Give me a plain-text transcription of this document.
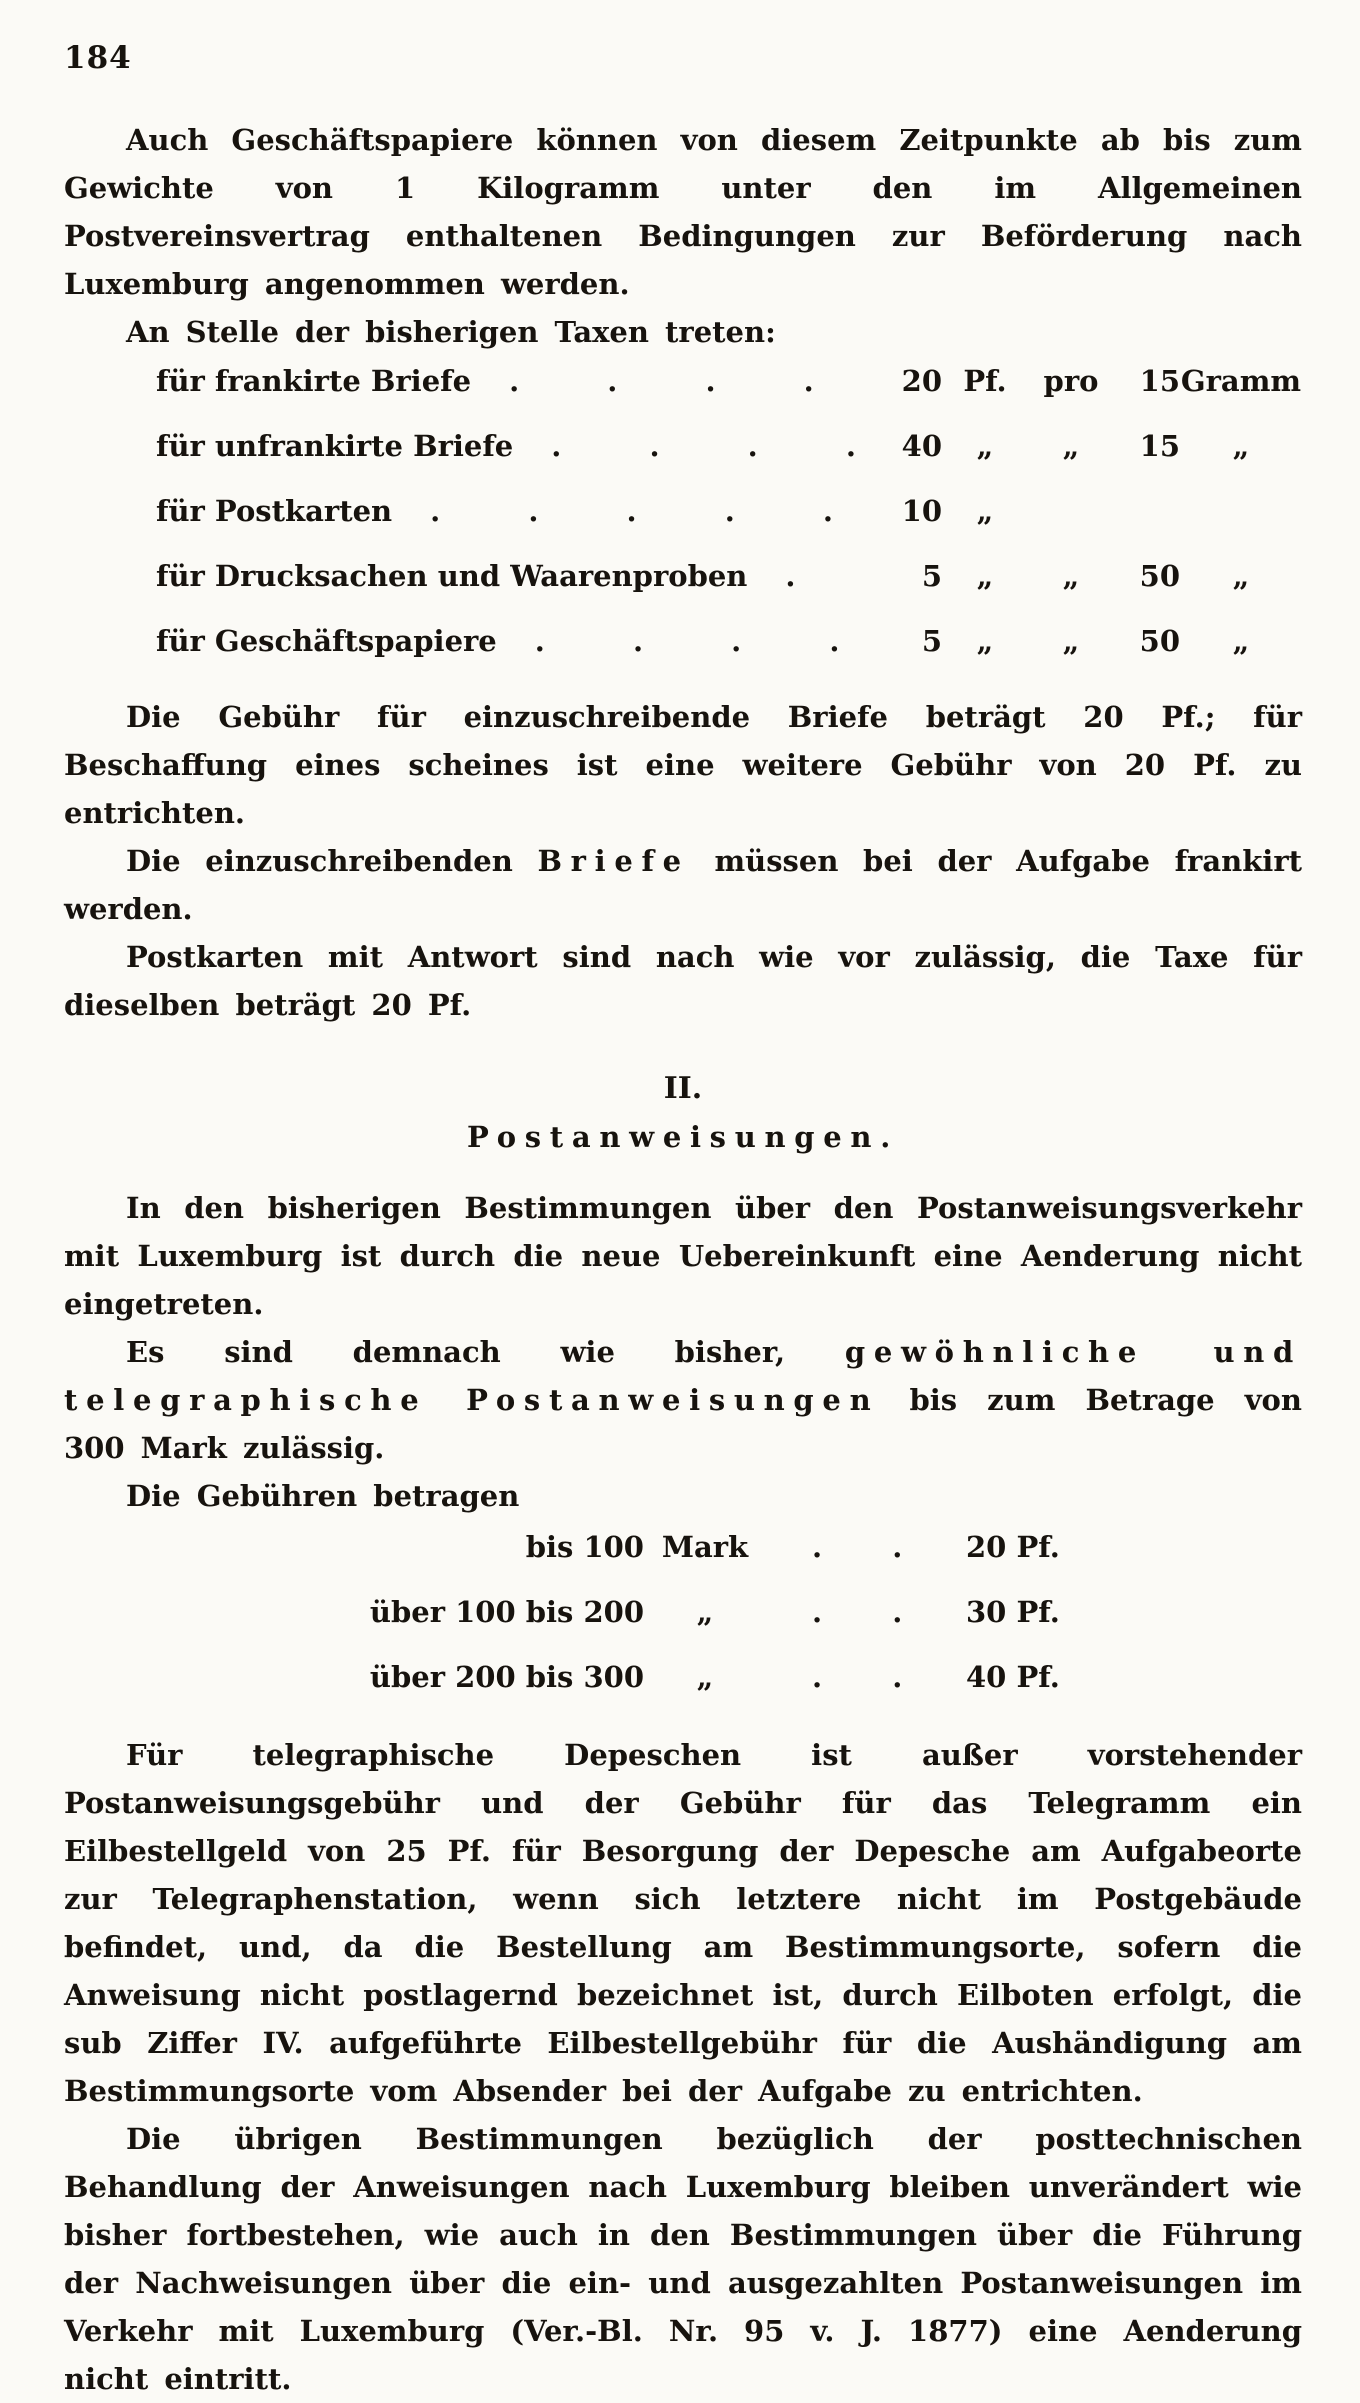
184

Auch Geschäftspapiere können von diesem Zeitpunkte ab bis zum Gewichte von 1 Kilogramm unter den im Allgemeinen Postvereinsvertrag enthaltenen Bedingungen zur Beförderung nach Luxemburg angenommen werden.

An Stelle der bisherigen Taxen treten:

für frankirte Briefe	. . . .	20 Pf.	pro	15 Gramm
für unfrankirte Briefe	. . . .	40	„	„	15	„
für Postkarten	. . . . .	10	„
für Drucksachen und Waarenproben	.	5	„	„	50	„
für Geschäftspapiere	. . . .	5	„	„	50	„

Die Gebühr für einzuschreibende Briefe beträgt 20 Pf.; für Beschaffung eines scheines ist eine weitere Gebühr von 20 Pf. zu entrichten.

Die einzuschreibenden Briefe müssen bei der Aufgabe frankirt werden.

Postkarten mit Antwort sind nach wie vor zulässig, die Taxe für dieselben beträgt 20 Pf.

II.
Postanweisungen.

In den bisherigen Bestimmungen über den Postanweisungsverkehr mit Luxemburg ist durch die neue Uebereinkunft eine Aenderung nicht eingetreten.

Es sind demnach wie bisher, gewöhnliche und telegraphische Postanweisungen bis zum Betrage von 300 Mark zulässig.

Die Gebühren betragen

bis 100 Mark	. .	20 Pf.
über 100 bis 200	„	. .	30 Pf.
über 200 bis 300	„	. .	40 Pf.

Für telegraphische Depeschen ist außer vorstehender Postanweisungsgebühr und der Gebühr für das Telegramm ein Eilbestellgeld von 25 Pf. für Besorgung der Depesche am Aufgabeorte zur Telegraphenstation, wenn sich letztere nicht im Postgebäude befindet, und, da die Bestellung am Bestimmungsorte, sofern die Anweisung nicht postlagernd bezeichnet ist, durch Eilboten erfolgt, die sub Ziffer IV. aufgeführte Eilbestellgebühr für die Aushändigung am Bestimmungsorte vom Absender bei der Aufgabe zu entrichten.

Die übrigen Bestimmungen bezüglich der posttechnischen Behandlung der Anweisungen nach Luxemburg bleiben unverändert wie bisher fortbestehen, wie auch in den Bestimmungen über die Führung der Nachweisungen über die ein- und ausgezahlten Postanweisungen im Verkehr mit Luxemburg (Ver.-Bl. Nr. 95 v. J. 1877) eine Aenderung nicht eintritt.
